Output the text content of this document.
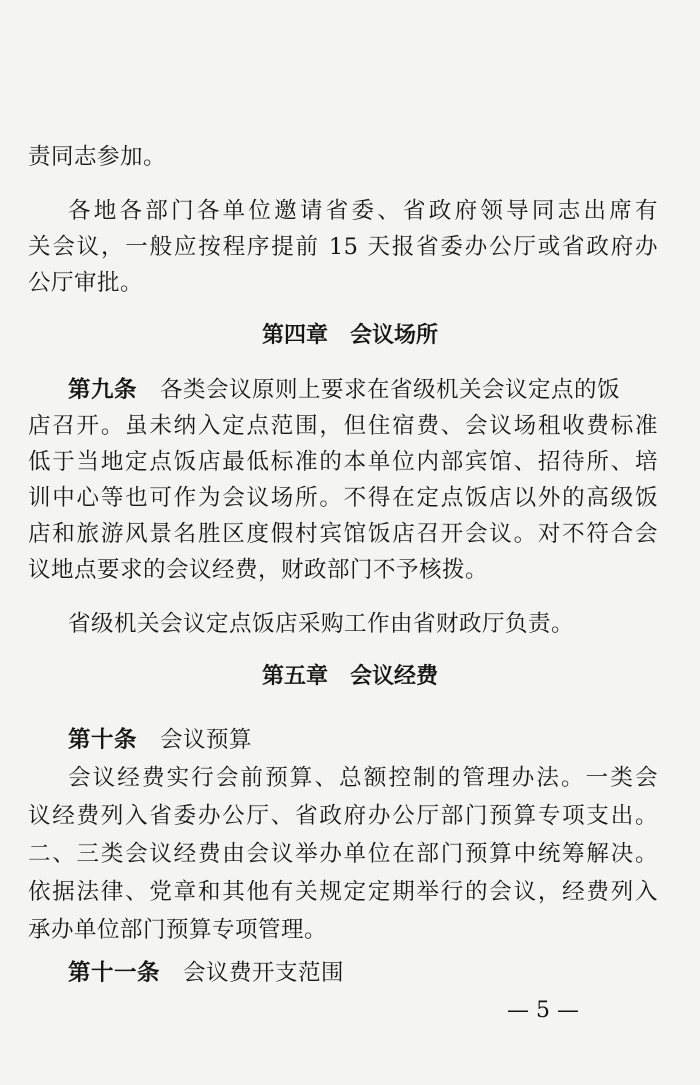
责同志参加。
各地各部门各单位邀请省委、省政府领导同志出席有
关会议，一般应按程序提前 15 天报省委办公厅或省政府办
公厅审批。
第四章　会议场所
第九条　各类会议原则上要求在省级机关会议定点的饭
店召开。虽未纳入定点范围，但住宿费、会议场租收费标准
低于当地定点饭店最低标准的本单位内部宾馆、招待所、培
训中心等也可作为会议场所。不得在定点饭店以外的高级饭
店和旅游风景名胜区度假村宾馆饭店召开会议。对不符合会
议地点要求的会议经费，财政部门不予核拨。
省级机关会议定点饭店采购工作由省财政厅负责。
第五章　会议经费
第十条　会议预算
会议经费实行会前预算、总额控制的管理办法。一类会
议经费列入省委办公厅、省政府办公厅部门预算专项支出。
二、三类会议经费由会议举办单位在部门预算中统筹解决。
依据法律、党章和其他有关规定定期举行的会议，经费列入
承办单位部门预算专项管理。
第十一条　会议费开支范围
— 5 —
